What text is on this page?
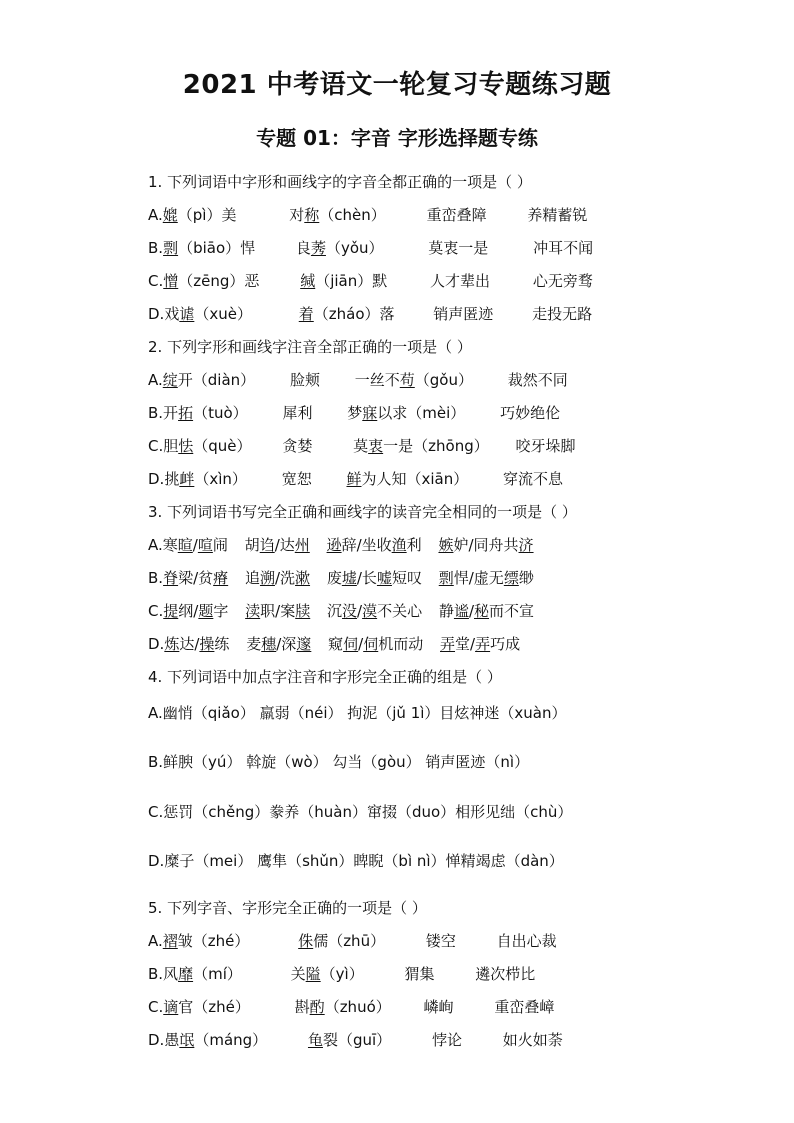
2021 中考语文一轮复习专题练习题
专题 01：字音 字形选择题专练
1. 下列词语中字形和画线字的字音全都正确的一项是（ ）
A.媲（pì）美	对称（chèn）	重峦叠障	养精蓄锐
B.剽（biāo）悍	良莠（yǒu）	莫衷一是	冲耳不闻
C.憎（zēng）恶	缄（jiān）默	人才辈出	心无旁骛
D.戏谑（xuè）	着（zháo）落	销声匿迹	走投无路
2. 下列字形和画线字注音全部正确的一项是（ ）
A.绽开（diàn） 脸颊 一丝不苟（gǒu） 裁然不同
B.开拓（tuò） 犀利 梦寐以求（mèi） 巧妙绝伦
C.胆怯（què） 贪婪	莫衷一是（zhōng） 咬牙垛脚
D.挑衅（xìn） 宽恕 鲜为人知（xiān） 穿流不息
3. 下列词语书写完全正确和画线字的读音完全相同的一项是（ ）
A.寒暄/喧闹 胡诌/达州 逊辞/坐收渔利 嫉妒/同舟共济
B.脊梁/贫瘠 追溯/洗漱 废墟/长嘘短叹 剽悍/虚无缥缈
C.提纲/题字 渎职/案牍 沉没/漠不关心 静谧/秘而不宣
D.炼达/操练 麦穗/深邃 窥伺/伺机而动 弄堂/弄巧成
4. 下列词语中加点字注音和字形完全正确的组是（ ）
A.幽悄（qiǎo） 羸弱（néi） 拘泥（jǔ 1ì）目炫神迷（xuàn）
B.鲜腴（yú） 斡旋（wò） 勾当（gòu） 销声匿迹（nì）
C.惩罚（chěng）豢养（huàn）窜掇（duo）相形见绌（chù）
D.糜子（mei） 鹰隼（shǔn）睥睨（bì nì）惮精竭虑（dàn）
5. 下列字音、字形完全正确的一项是（ ）
A.褶皱（zhé）	侏儒（zhū）	镂空	自出心裁
B.风靡（mí）	关隘（yì）	猬集	遴次栉比
C.谪官（zhé）	斟酌（zhuó） 嶙峋	重峦叠嶂
D.愚氓（máng）	龟裂（guī）	悖论	如火如荼
